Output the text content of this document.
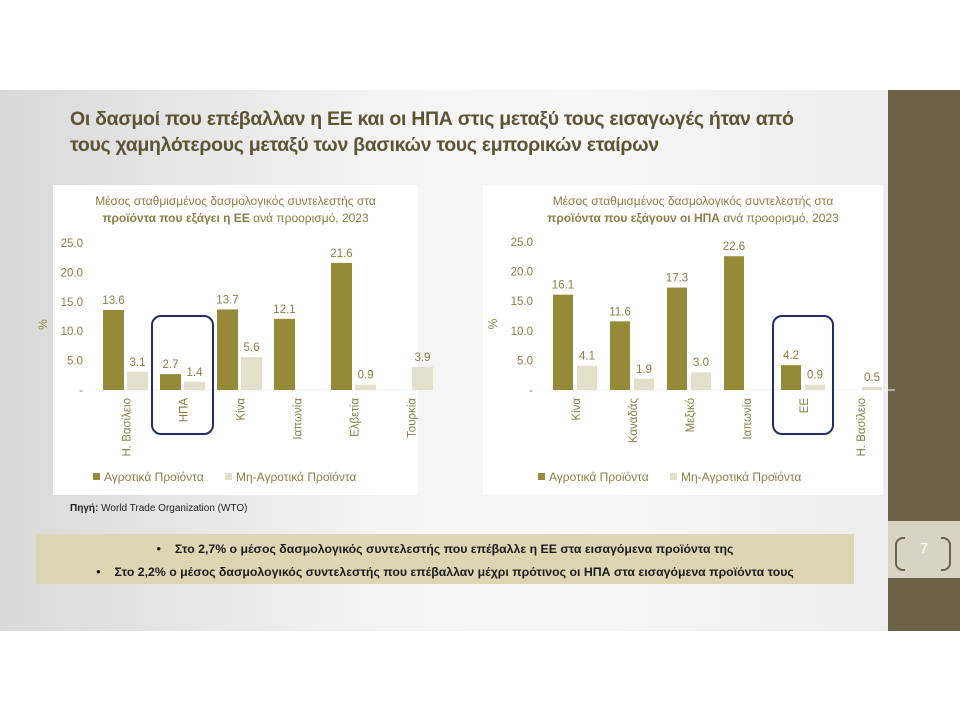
7
Οι δασμοί που επέβαλλαν η ΕΕ και οι ΗΠΑ στις μεταξύ τους εισαγωγές ήταν από
τους χαμηλότερους μεταξύ των βασικών τους εμπορικών εταίρων
Μέσος σταθμισμένος δασμολογικός συντελεστής στα
προϊόντα που εξάγει η ΕΕ ανά προορισμό, 2023
-
5.0
10.0
15.0
20.0
25.0
%
13.6
3.1
Η. Βασίλειο
2.7
1.4
ΗΠΑ
13.7
5.6
Κίνα
12.1
Ιαπωνία
21.6
0.9
Ελβετία
3.9
Τουρκία
Αγροτικά Προϊόντα	Μη-Αγροτικά Προϊόντα
Μέσος σταθμισμένος δασμολογικός συντελεστής στα
προϊόντα που εξάγουν οι ΗΠΑ ανά προορισμό, 2023
-
5.0
10.0
15.0
20.0
25.0
%
16.1
4.1
Κίνα
11.6
1.9
Καναδάς
17.3
3.0
Μεξικό
22.6
Ιαπωνία
4.2
0.9
ΕΕ
0.5
Η. Βασίλειο
Αγροτικά Προϊόντα	Μη-Αγροτικά Προϊόντα
Πηγή: World Trade Organization (WTO)
• Στο 2,7% ο μέσος δασμολογικός συντελεστής που επέβαλλε η ΕΕ στα εισαγόμενα προϊόντα της
• Στο 2,2% ο μέσος δασμολογικός συντελεστής που επέβαλλαν μέχρι πρότινος οι ΗΠΑ στα εισαγόμενα προϊόντα τους
